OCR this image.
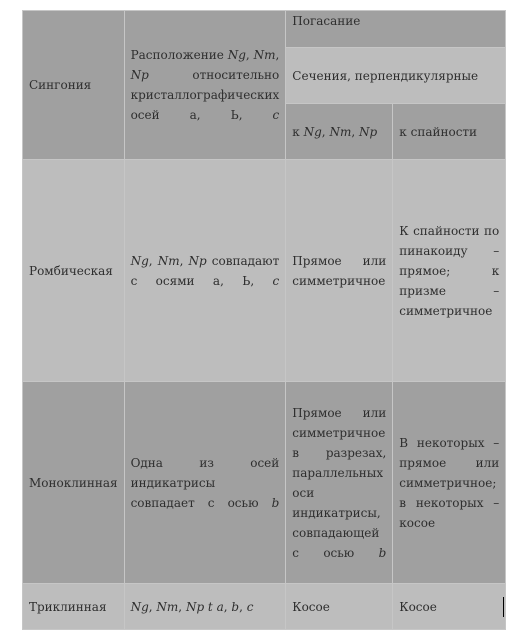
Сингония	Расположение Ng, Nm, Np относительно кристаллографических осей а, Ь, с	Погасание	
		Сечения, перпендикулярные	
		к Ng, Nm, Np	к спайности
Ромбическая	Ng, Nm, Np совпадают с осями а, Ь, с	Прямое или симметричное	К спайности по пинакоиду – прямое; к призме –симметричное
Моноклинная	Одна из осей индикатрисы совпадает с осью b	Прямое или симметричное в разрезах, параллельных оси индикатрисы, совпадающей с осью b	В некоторых –прямое или симметричное; в некоторых – косое
Триклинная	Ng, Nm, Np t a, b, c	Косое	Косое
